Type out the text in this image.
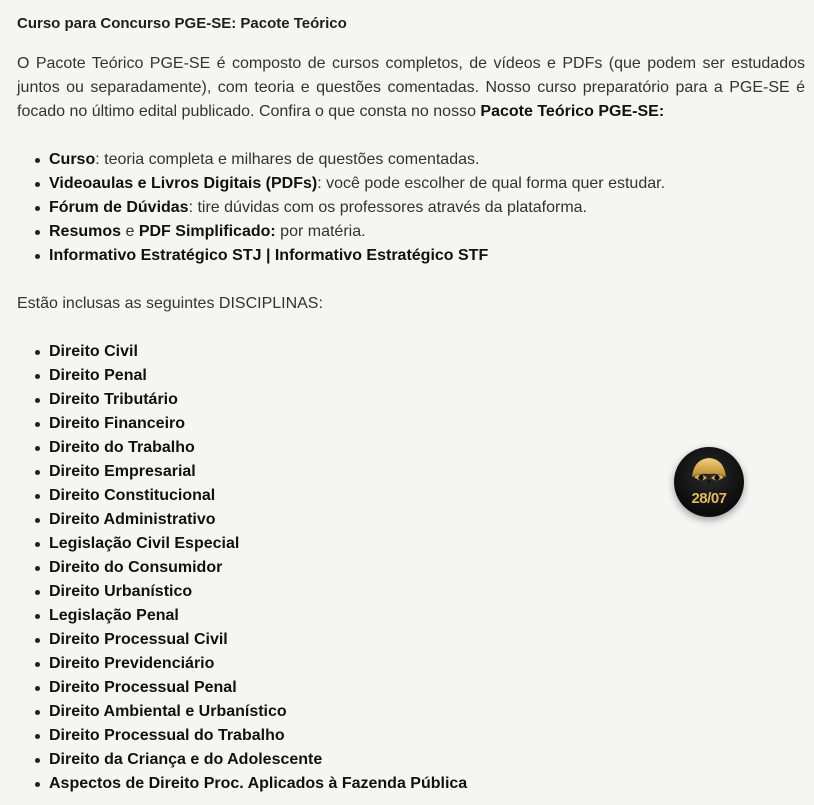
Curso para Concurso PGE-SE: Pacote Teórico

O Pacote Teórico PGE-SE é composto de cursos completos, de vídeos e PDFs (que podem ser estudados juntos ou separadamente), com teoria e questões comentadas. Nosso curso preparatório para a PGE-SE é focado no último edital publicado. Confira o que consta no nosso Pacote Teórico PGE-SE:

Curso: teoria completa e milhares de questões comentadas.
Videoaulas e Livros Digitais (PDFs): você pode escolher de qual forma quer estudar.
Fórum de Dúvidas: tire dúvidas com os professores através da plataforma.
Resumos e PDF Simplificado: por matéria.
Informativo Estratégico STJ | Informativo Estratégico STF

Estão inclusas as seguintes DISCIPLINAS:

Direito Civil
Direito Penal
Direito Tributário
Direito Financeiro
Direito do Trabalho
Direito Empresarial
Direito Constitucional
Direito Administrativo
Legislação Civil Especial
Direito do Consumidor
Direito Urbanístico
Legislação Penal
Direito Processual Civil
Direito Previdenciário
Direito Processual Penal
Direito Ambiental e Urbanístico
Direito Processual do Trabalho
Direito da Criança e do Adolescente
Aspectos de Direito Proc. Aplicados à Fazenda Pública
28/07
